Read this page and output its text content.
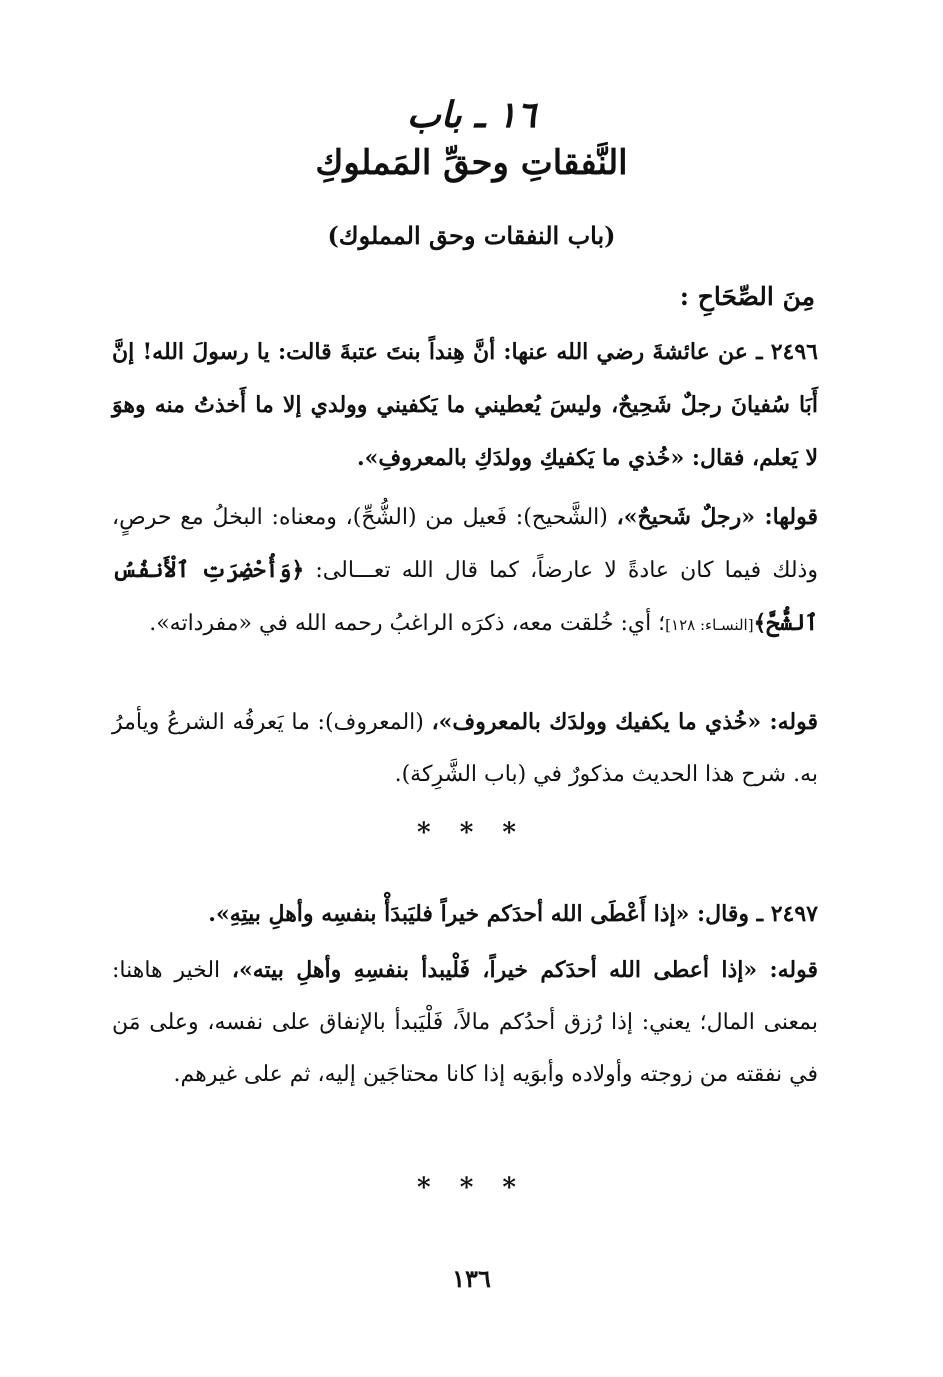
١٦ ـ باب
النَّفقاتِ وحقِّ المَملوكِ
(باب النفقات وحق المملوك)
مِنَ الصِّحَاحِ :
٢٤٩٦ ـ عن عائشةَ رضي الله عنها: أنَّ هِنداً بنتَ عتبةَ قالت: يا رسولَ الله! إنَّ أَبَا سُفيانَ رجلٌ شَحِيحٌ، وليسَ يُعطيني ما يَكفيني وولدي إلا ما أَخذتُ منه وهوَ لا يَعلم، فقال: «خُذي ما يَكفيكِ وولدَكِ بالمعروفِ».
قولها: «رجلٌ شَحيحٌ»، (الشَّحيح): فَعيل من (الشُّحِّ)، ومعناه: البخلُ مع حرصٍ، وذلك فيما كان عادةً لا عارضاً، كما قال الله تعـــالى: ﴿وَأُحْضِرَتِ ٱلْأَنفُسُ ٱلشُّحَّ﴾[النسـاء: ١٢٨]؛ أي: خُلقت معه، ذكرَه الراغبُ رحمه الله في «مفرداته».
قوله: «خُذي ما يكفيك وولدَك بالمعروف»، (المعروف): ما يَعرفُه الشرعُ ويأمرُ به. شرح هذا الحديث مذكورٌ في (باب الشَّرِكة).
* * *
٢٤٩٧ ـ وقال: «إذا أَعْطَى الله أحدَكم خيراً فليَبدَأْ بنفسِه وأهلِ بيتِهِ».
قوله: «إذا أعطى الله أحدَكم خيراً، فَلْيبدأ بنفسِهِ وأهلِ بيته»، الخير هاهنا: بمعنى المال؛ يعني: إذا رُزق أحدُكم مالاً، فَلْيَبدأ بالإنفاق على نفسه، وعلى مَن في نفقته من زوجته وأولاده وأبوَيه إذا كانا محتاجَين إليه، ثم على غيرهم.
* * *
١٣٦
